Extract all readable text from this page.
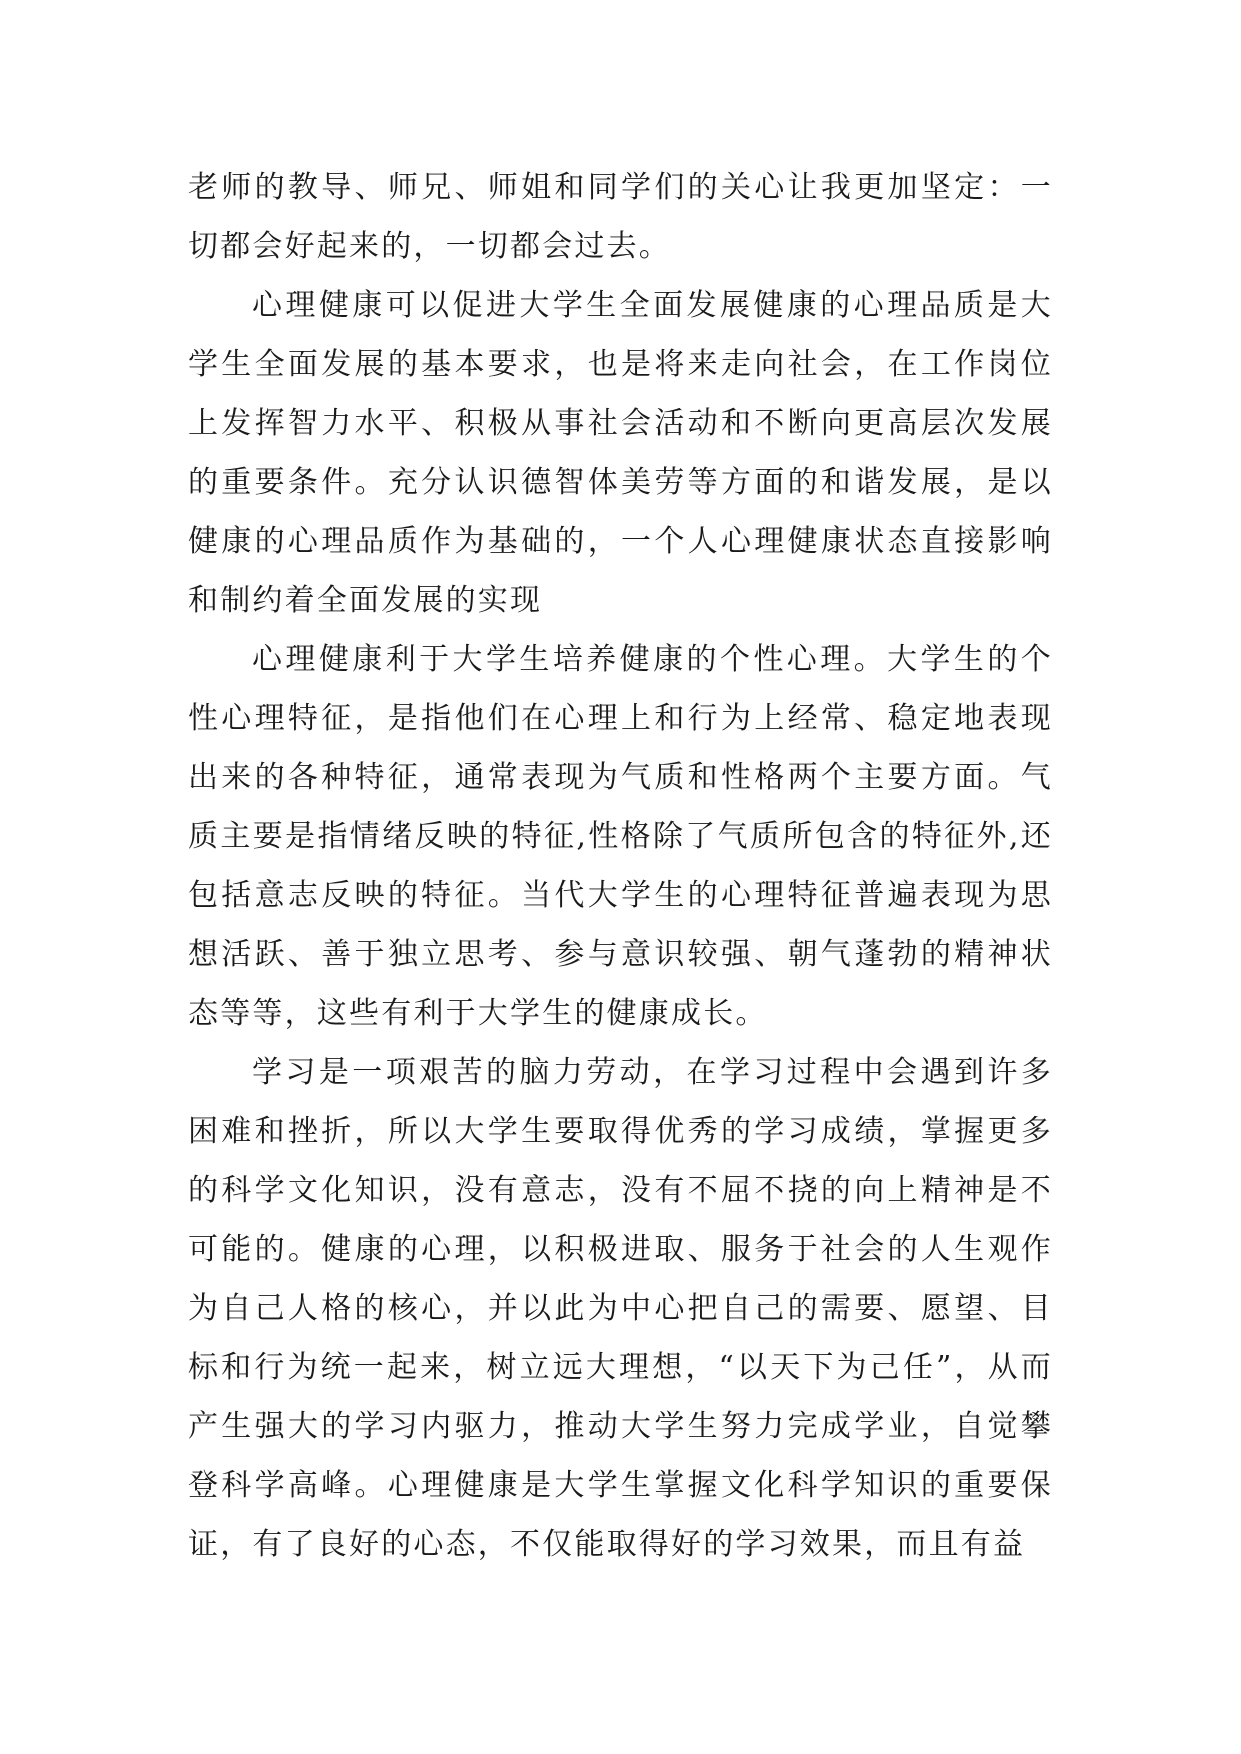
老师的教导、师兄、师姐和同学们的关心让我更加坚定：一切都会好起来的，一切都会过去。

心理健康可以促进大学生全面发展健康的心理品质是大学生全面发展的基本要求，也是将来走向社会，在工作岗位上发挥智力水平、积极从事社会活动和不断向更高层次发展的重要条件。充分认识德智体美劳等方面的和谐发展，是以健康的心理品质作为基础的，一个人心理健康状态直接影响和制约着全面发展的实现

心理健康利于大学生培养健康的个性心理。大学生的个性心理特征，是指他们在心理上和行为上经常、稳定地表现出来的各种特征，通常表现为气质和性格两个主要方面。气质主要是指情绪反映的特征,性格除了气质所包含的特征外,还包括意志反映的特征。当代大学生的心理特征普遍表现为思想活跃、善于独立思考、参与意识较强、朝气蓬勃的精神状态等等，这些有利于大学生的健康成长。

学习是一项艰苦的脑力劳动，在学习过程中会遇到许多困难和挫折，所以大学生要取得优秀的学习成绩，掌握更多的科学文化知识，没有意志，没有不屈不挠的向上精神是不可能的。健康的心理，以积极进取、服务于社会的人生观作为自己人格的核心，并以此为中心把自己的需要、愿望、目标和行为统一起来，树立远大理想，“以天下为己任”，从而产生强大的学习内驱力，推动大学生努力完成学业，自觉攀登科学高峰。心理健康是大学生掌握文化科学知识的重要保证，有了良好的心态，不仅能取得好的学习效果，而且有益
